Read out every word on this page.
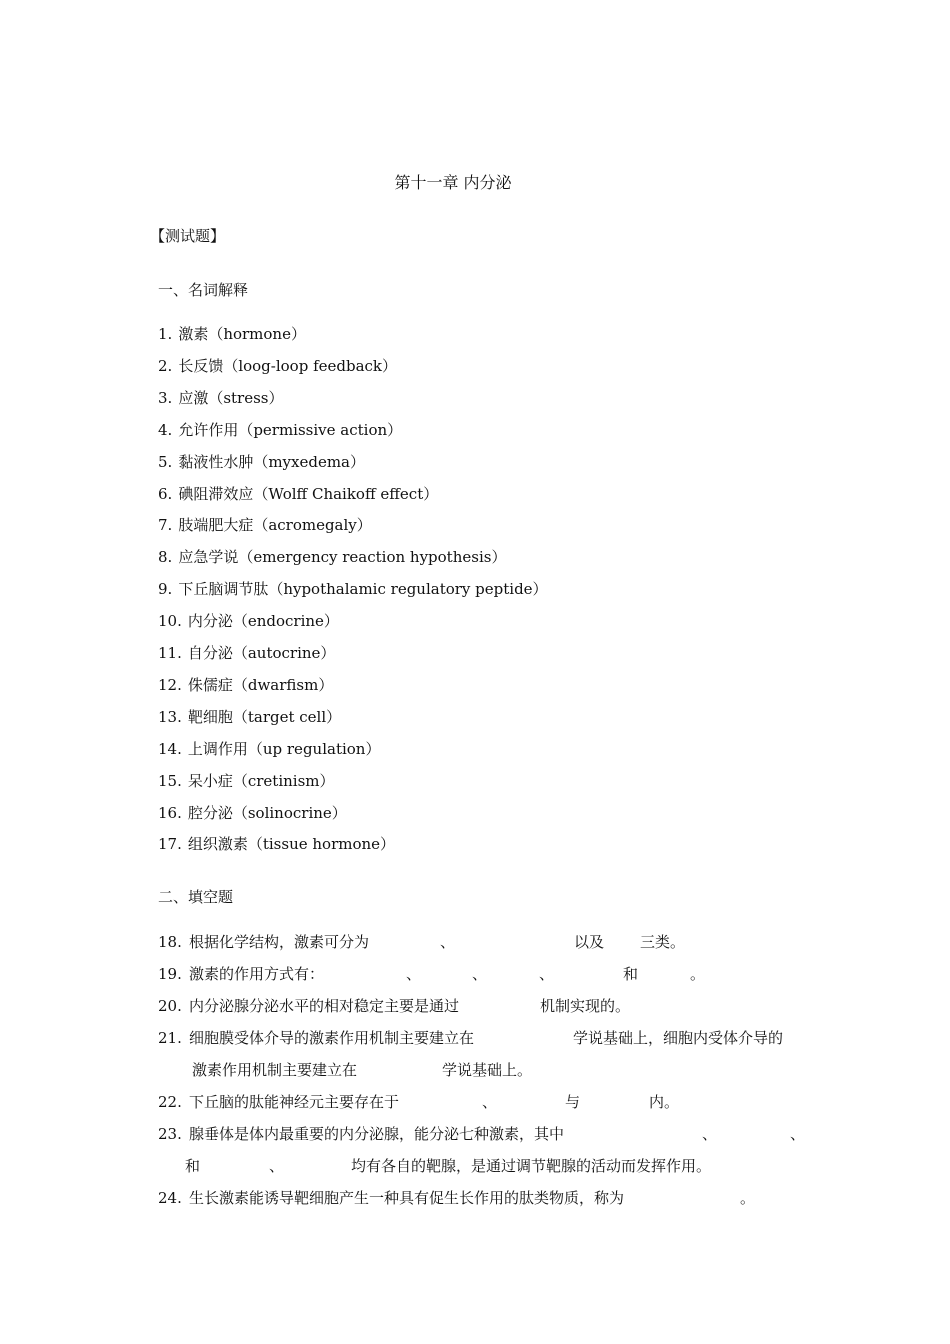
第十一章 内分泌
【测试题】
一、名词解释
1. 激素（hormone）
2. 长反馈（loog-loop feedback）
3. 应激（stress）
4. 允许作用（permissive action）
5. 黏液性水肿（myxedema）
6. 碘阻滞效应（Wolff Chaikoff effect）
7. 肢端肥大症（acromegaly）
8. 应急学说（emergency reaction hypothesis）
9. 下丘脑调节肽（hypothalamic regulatory peptide）
10. 内分泌（endocrine）
11. 自分泌（autocrine）
12. 侏儒症（dwarfism）
13. 靶细胞（target cell）
14. 上调作用（up regulation）
15. 呆小症（cretinism）
16. 腔分泌（solinocrine）
17. 组织激素（tissue hormone）
二、填空题
18. 根据化学结构，激素可分为	、	以及 三类。
19. 激素的作用方式有：	、	、	、	和	。
20. 内分泌腺分泌水平的相对稳定主要是通过	机制实现的。
21. 细胞膜受体介导的激素作用机制主要建立在	学说基础上，细胞内受体介导的
激素作用机制主要建立在	学说基础上。
22. 下丘脑的肽能神经元主要存在于	、	与	内。
23. 腺垂体是体内最重要的内分泌腺，能分泌七种激素，其中	、	、
和	、	均有各自的靶腺，是通过调节靶腺的活动而发挥作用。
24. 生长激素能诱导靶细胞产生一种具有促生长作用的肽类物质，称为	。
